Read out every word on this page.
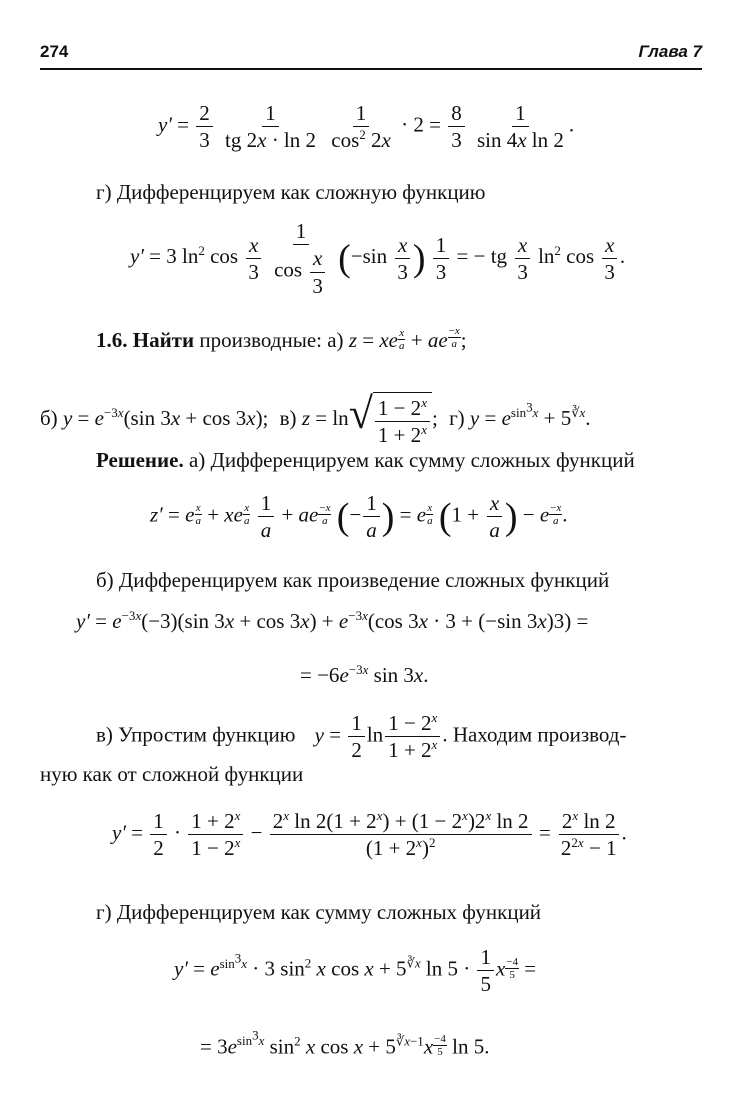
274	Глава 7
$y' = \frac{2}{3}$
$\frac{1}{tg 2x \cdot \ln 2}$
$\frac{1}{\cos^2 2x} \cdot 2 = \frac{8}{3}$
$\frac{1}{\text{sin 4x ln 2}}$ .
г) Дифференцируем как сложную функцию
y′ = 3 $\ln^2 \cos \frac{x}{3}$
$\frac{1}{\cos \frac{x}{3}} (-\sin \frac{x}{3}$ ) $\frac{1}{3}$ = − tg $\frac{x}{3} \ln^2 \cos \frac{x}{3}$ .
1.6. Найти производные: а) z = xe $\frac{x}{a}$ + ae $\frac{-x}{a}$ ;
б) $y = e^{-3x}(\sin$ 3x + cos 3x); в) z = ln √ $\frac{1 - 2^x}{1 + 2^x}$ ; г) $y = e^{sin^3x} + 5^{∛x}$.
Решение. а) Дифференцируем как сумму сложных функций
z′ = e $\frac{x}{a}$ + xe $\frac{x}{a}$
$\frac{1}{a}$ + ae $\frac{-x}{a}$ (− $\frac{1}{a}$ ) = e $\frac{x}{a} (1 + \frac{x}{a}$ ) − e $\frac{-x}{a}$ .
б) Дифференцируем как произведение сложных функций
$y' = e^{-3x}(-3)(\sin$ $3x + \cos 3x) + e^{-3x}(\cos$ 3x · 3 + (−sin 3x)3) =
= $-6e^{-3x}$ sin 3x.
в) Упростим функцию $y = \frac{1}{2}$ $\ln \frac{1 - 2^x}{1 + 2^x}$ . Находим производ-
ную как от сложной функции
$y' = \frac{1}{2} \cdot \frac{1 + 2^x}{1 - 2^x} - \frac{2^x \ln 2(1 + 2^x) + (1 - 2^x)2^x \ln 2}{(1 + 2^x)^2} = \frac{2^x \ln 2}{2^{2x} - 1}$ .
г) Дифференцируем как сумму сложных функций
$y' = e^{sin^3x} \cdot 3$ $\sin^2 x$ $\cos x + 5^{∛x}$ $\ln 5 \cdot \frac{1}{5}$ x $\frac{-4}{5}$ =
= $3e^{sin^3x}$ $\sin^2 x$ $\cos x + 5^{∛x-1}x \frac{-4}{5}$ ln 5.
